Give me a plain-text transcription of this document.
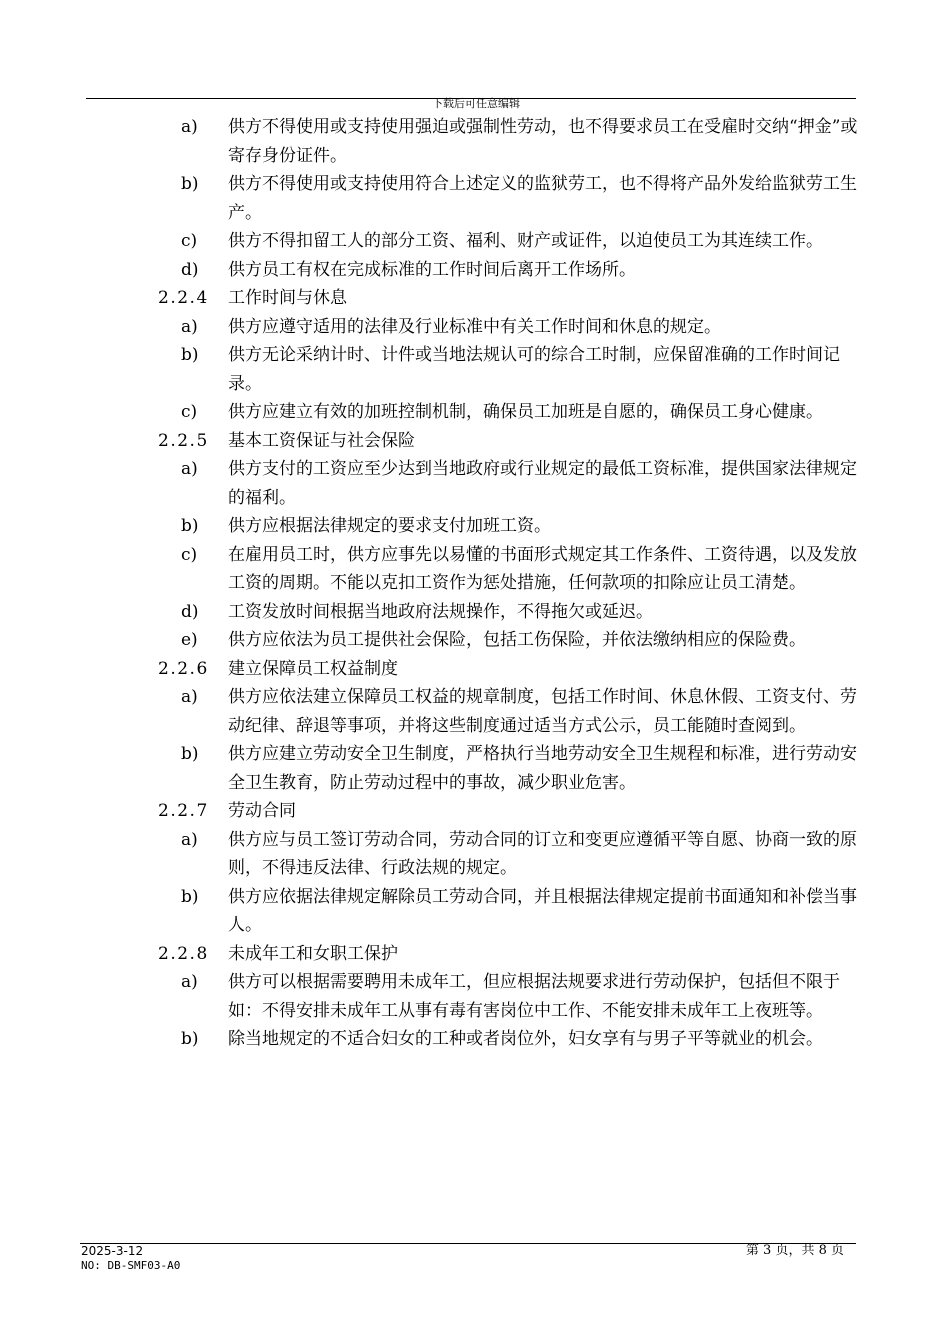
下载后可任意编辑
a) 供方不得使用或支持使用强迫或强制性劳动，也不得要求员工在受雇时交纳“押金”或寄存身份证件。
b) 供方不得使用或支持使用符合上述定义的监狱劳工，也不得将产品外发给监狱劳工生产。
c) 供方不得扣留工人的部分工资、福利、财产或证件，以迫使员工为其连续工作。
d) 供方员工有权在完成标准的工作时间后离开工作场所。
2.2.4 工作时间与休息
a) 供方应遵守适用的法律及行业标准中有关工作时间和休息的规定。
b) 供方无论采纳计时、计件或当地法规认可的综合工时制，应保留准确的工作时间记录。
c) 供方应建立有效的加班控制机制，确保员工加班是自愿的，确保员工身心健康。
2.2.5 基本工资保证与社会保险
a) 供方支付的工资应至少达到当地政府或行业规定的最低工资标准，提供国家法律规定的福利。
b) 供方应根据法律规定的要求支付加班工资。
c) 在雇用员工时，供方应事先以易懂的书面形式规定其工作条件、工资待遇，以及发放工资的周期。不能以克扣工资作为惩处措施，任何款项的扣除应让员工清楚。
d) 工资发放时间根据当地政府法规操作，不得拖欠或延迟。
e) 供方应依法为员工提供社会保险，包括工伤保险，并依法缴纳相应的保险费。
2.2.6 建立保障员工权益制度
a) 供方应依法建立保障员工权益的规章制度，包括工作时间、休息休假、工资支付、劳动纪律、辞退等事项，并将这些制度通过适当方式公示，员工能随时查阅到。
b) 供方应建立劳动安全卫生制度，严格执行当地劳动安全卫生规程和标准，进行劳动安全卫生教育，防止劳动过程中的事故，减少职业危害。
2.2.7 劳动合同
a) 供方应与员工签订劳动合同，劳动合同的订立和变更应遵循平等自愿、协商一致的原则，不得违反法律、行政法规的规定。
b) 供方应依据法律规定解除员工劳动合同，并且根据法律规定提前书面通知和补偿当事人。
2.2.8 未成年工和女职工保护
a) 供方可以根据需要聘用未成年工，但应根据法规要求进行劳动保护，包括但不限于如：不得安排未成年工从事有毒有害岗位中工作、不能安排未成年工上夜班等。
b) 除当地规定的不适合妇女的工种或者岗位外，妇女享有与男子平等就业的机会。
2025-3-12	第 3 页，共 8 页
NO: DB-SMF03-A0
